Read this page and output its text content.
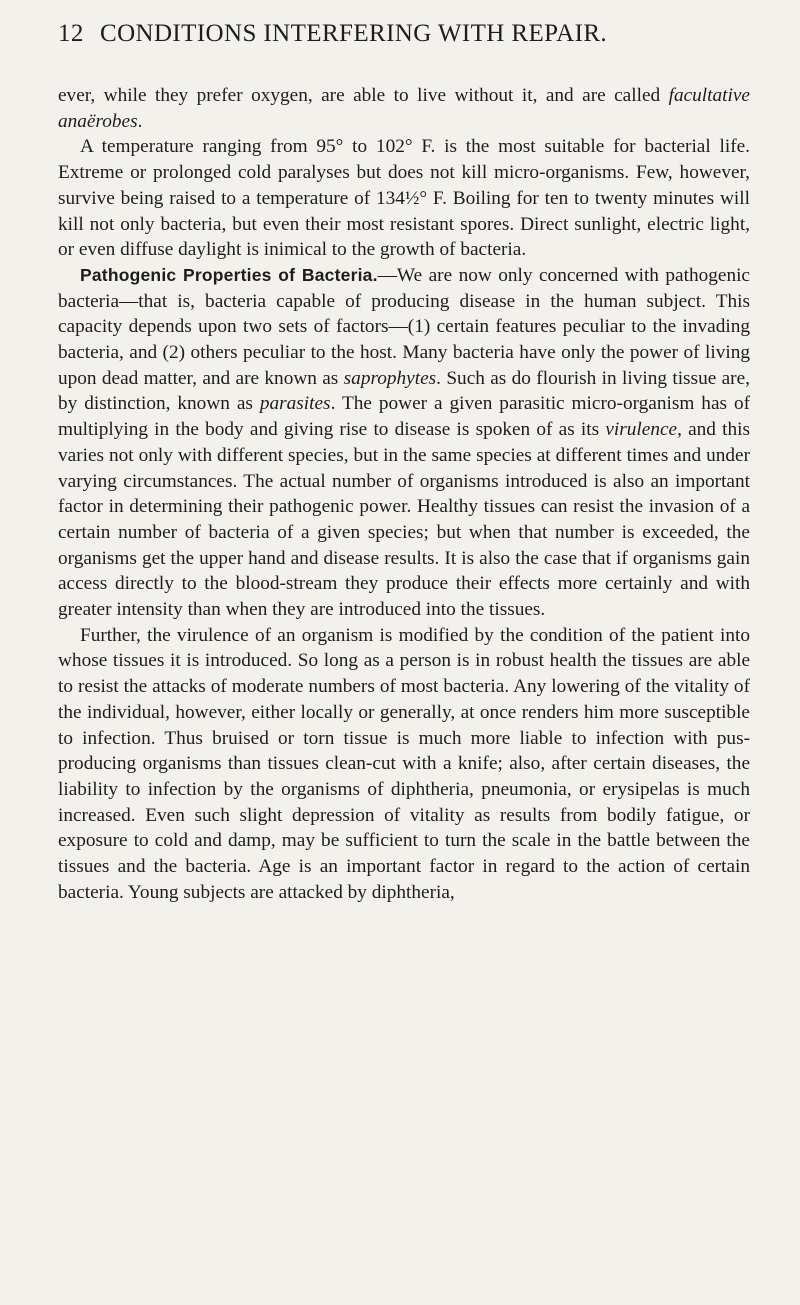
12 CONDITIONS INTERFERING WITH REPAIR.

ever, while they prefer oxygen, are able to live without it, and are called facultative anaërobes.

A temperature ranging from 95° to 102° F. is the most suitable for bacterial life. Extreme or prolonged cold paralyses but does not kill micro-organisms. Few, however, survive being raised to a temperature of 134½° F. Boiling for ten to twenty minutes will kill not only bacteria, but even their most resistant spores. Direct sunlight, electric light, or even diffuse daylight is inimical to the growth of bacteria.

Pathogenic Properties of Bacteria.—We are now only concerned with pathogenic bacteria—that is, bacteria capable of producing disease in the human subject. This capacity depends upon two sets of factors—(1) certain features peculiar to the invading bacteria, and (2) others peculiar to the host. Many bacteria have only the power of living upon dead matter, and are known as saprophytes. Such as do flourish in living tissue are, by distinction, known as parasites. The power a given parasitic micro-organism has of multiplying in the body and giving rise to disease is spoken of as its virulence, and this varies not only with different species, but in the same species at different times and under varying circumstances. The actual number of organisms introduced is also an important factor in determining their pathogenic power. Healthy tissues can resist the invasion of a certain number of bacteria of a given species; but when that number is exceeded, the organisms get the upper hand and disease results. It is also the case that if organisms gain access directly to the blood-stream they produce their effects more certainly and with greater intensity than when they are introduced into the tissues.

Further, the virulence of an organism is modified by the condition of the patient into whose tissues it is introduced. So long as a person is in robust health the tissues are able to resist the attacks of moderate numbers of most bacteria. Any lowering of the vitality of the individual, however, either locally or generally, at once renders him more susceptible to infection. Thus bruised or torn tissue is much more liable to infection with pus-producing organisms than tissues clean-cut with a knife; also, after certain diseases, the liability to infection by the organisms of diphtheria, pneumonia, or erysipelas is much increased. Even such slight depression of vitality as results from bodily fatigue, or exposure to cold and damp, may be sufficient to turn the scale in the battle between the tissues and the bacteria. Age is an important factor in regard to the action of certain bacteria. Young subjects are attacked by diphtheria,
